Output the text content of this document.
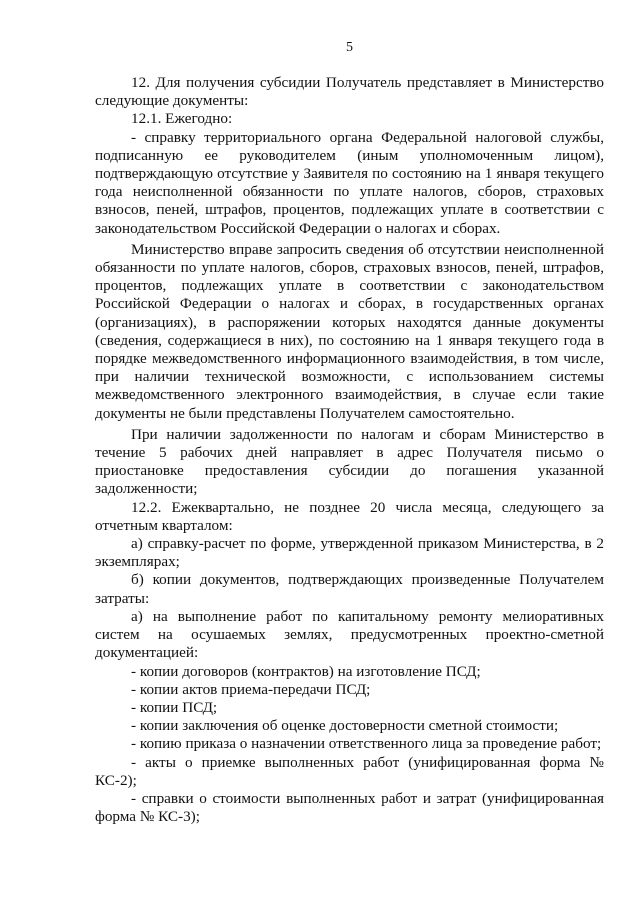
5

12. Для получения субсидии Получатель представляет в Министерство следующие документы:

12.1. Ежегодно:

- справку территориального органа Федеральной налоговой службы, подписанную ее руководителем (иным уполномоченным лицом), подтверждающую отсутствие у Заявителя по состоянию на 1 января текущего года неисполненной обязанности по уплате налогов, сборов, страховых взносов, пеней, штрафов, процентов, подлежащих уплате в соответствии с законодательством Российской Федерации о налогах и сборах.

Министерство вправе запросить сведения об отсутствии неисполненной обязанности по уплате налогов, сборов, страховых взносов, пеней, штрафов, процентов, подлежащих уплате в соответствии с законодательством Российской Федерации о налогах и сборах, в государственных органах (организациях), в распоряжении которых находятся данные документы (сведения, содержащиеся в них), по состоянию на 1 января текущего года в порядке межведомственного информационного взаимодействия, в том числе, при наличии технической возможности, с использованием системы межведомственного электронного взаимодействия, в случае если такие документы не были представлены Получателем самостоятельно.

При наличии задолженности по налогам и сборам Министерство в течение 5 рабочих дней направляет в адрес Получателя письмо о приостановке предоставления субсидии до погашения указанной задолженности;

12.2. Ежеквартально, не позднее 20 числа месяца, следующего за отчетным кварталом:

а) справку-расчет по форме, утвержденной приказом Министерства, в 2 экземплярах;

б) копии документов, подтверждающих произведенные Получателем затраты:

а) на выполнение работ по капитальному ремонту мелиоративных систем на осушаемых землях, предусмотренных проектно-сметной документацией:

- копии договоров (контрактов) на изготовление ПСД;

- копии актов приема-передачи ПСД;

- копии ПСД;

- копии заключения об оценке достоверности сметной стоимости;

- копию приказа о назначении ответственного лица за проведение работ;

- акты о приемке выполненных работ (унифицированная форма № КС-2);

- справки о стоимости выполненных работ и затрат (унифицированная форма № КС-3);
